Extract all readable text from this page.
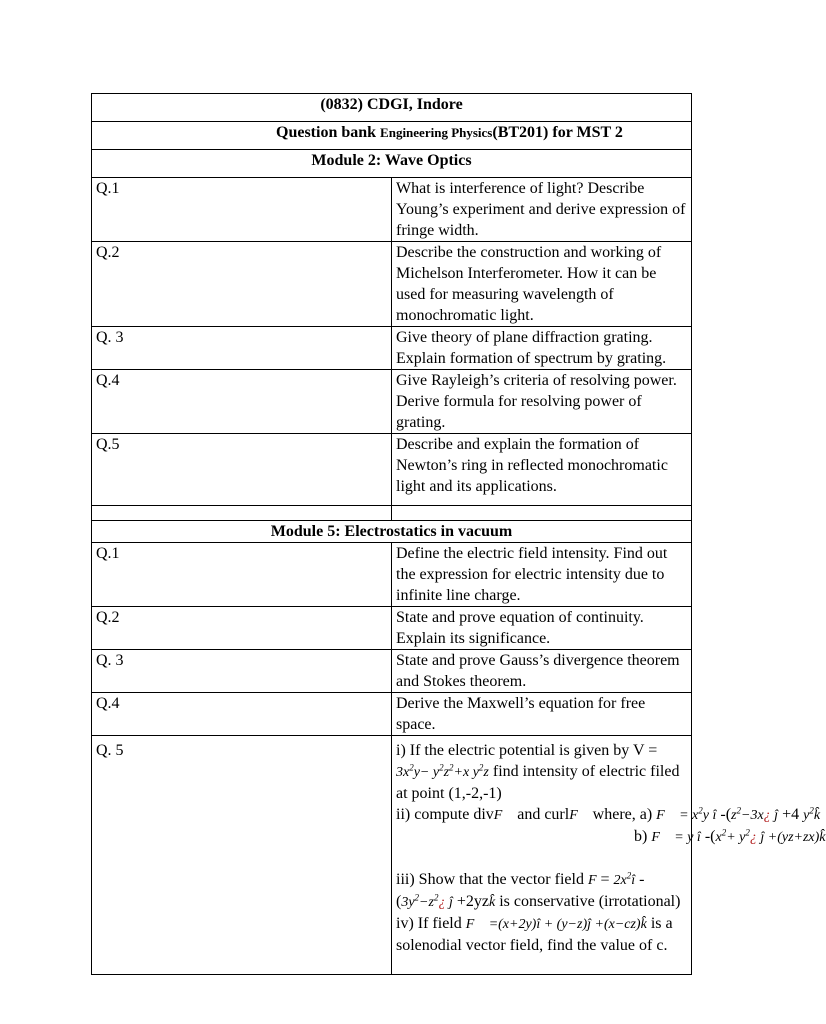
(0832) CDGI, Indore	
Question bank Engineering Physics(BT201) for MST 2	
Module 2: Wave Optics	
Q.1	What is interference of light? Describe Young’s experiment and derive expression of fringe width.
Q.2	Describe the construction and working of Michelson Interferometer. How it can be used for measuring wavelength of monochromatic light.
Q. 3	Give theory of plane diffraction grating. Explain formation of spectrum by grating.
Q.4	Give Rayleigh’s criteria of resolving power. Derive formula for resolving power of grating.
Q.5	Describe and explain the formation of Newton’s ring in reflected monochromatic light and its applications.

Module 5: Electrostatics in vacuum	
Q.1	Define the electric field intensity. Find out the expression for electric intensity due to infinite line charge.
Q.2	State and prove equation of continuity. Explain its significance.
Q. 3	State and prove Gauss’s divergence theorem and Stokes theorem.
Q.4	Derive the Maxwell’s equation for free space.
Q. 5	i) If the electric potential is given by $V = 3x^2y- y^2z^2+x$ $y^2z$ find intensity of electric filed at point (1,-2,-1)
ii) compute divF⃗ and curlF⃗ where, a) F⃗ = $x^2y$ î $-(z^2-3x¿$ ĵ +4 $y^2k̂$
b) F⃗ = y î $-(x^2+$ $y^2¿$ ĵ +(yz+zx)k̂
iii) Show that the vector field $F = 2x^2î$ $-(3y^2-z^2¿$ ĵ +2yzk̂ is conservative (irrotational)
iv) If field F⃗ =(x+2y)î + (y−z)ĵ +(x−cz)k̂ is a solenodial vector field, find the value of c.
